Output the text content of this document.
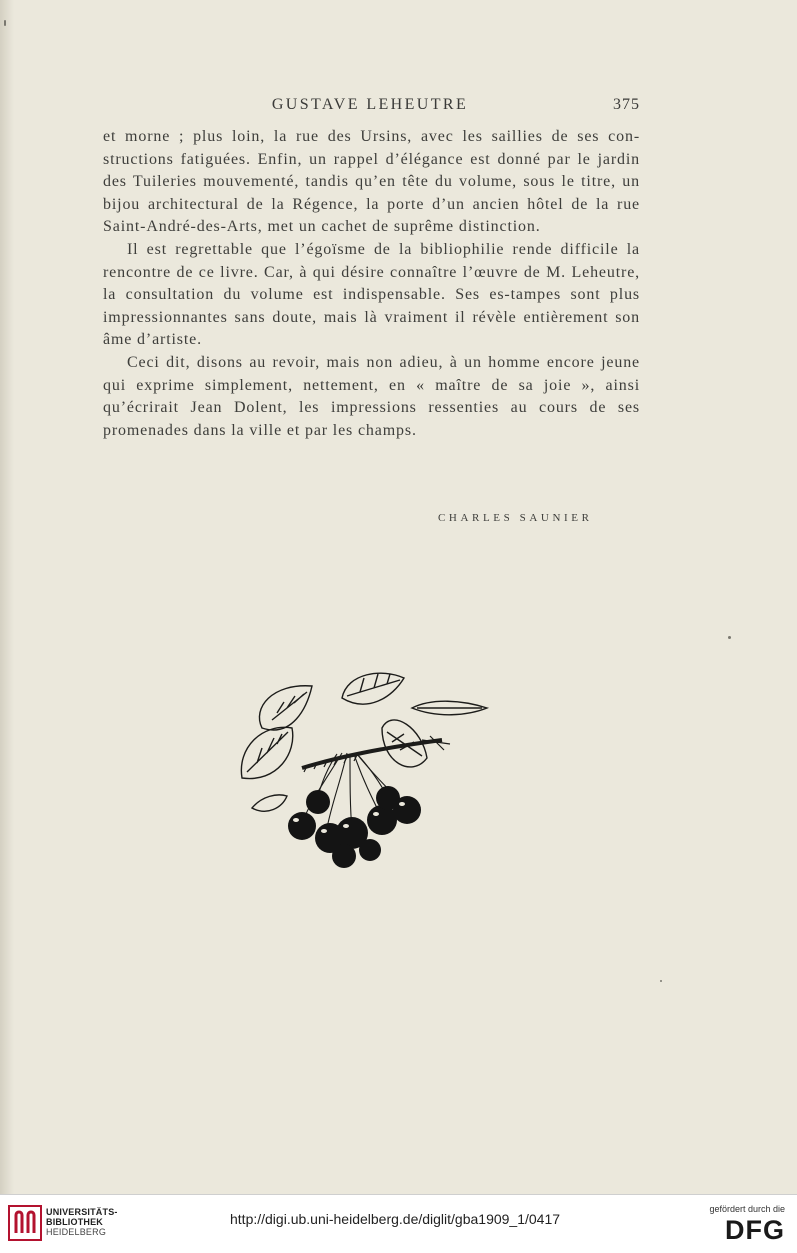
GUSTAVE LEHEUTRE	375

et morne ; plus loin, la rue des Ursins, avec les saillies de ses con-structions fatiguées. Enfin, un rappel d’élégance est donné par le jardin des Tuileries mouvementé, tandis qu’en tête du volume, sous le titre, un bijou architectural de la Régence, la porte d’un ancien hôtel de la rue Saint-André-des-Arts, met un cachet de suprême distinction.

Il est regrettable que l’égoïsme de la bibliophilie rende difficile la rencontre de ce livre. Car, à qui désire connaître l’œuvre de M. Leheutre, la consultation du volume est indispensable. Ses es-tampes sont plus impressionnantes sans doute, mais là vraiment il révèle entièrement son âme d’artiste.

Ceci dit, disons au revoir, mais non adieu, à un homme encore jeune qui exprime simplement, nettement, en « maître de sa joie », ainsi qu’écrirait Jean Dolent, les impressions ressenties au cours de ses promenades dans la ville et par les champs.

CHARLES SAUNIER
UNIVERSITÄTS-
BIBLIOTHEK
HEIDELBERG
http://digi.ub.uni-heidelberg.de/diglit/gba1909_1/0417
gefördert durch die
DFG
